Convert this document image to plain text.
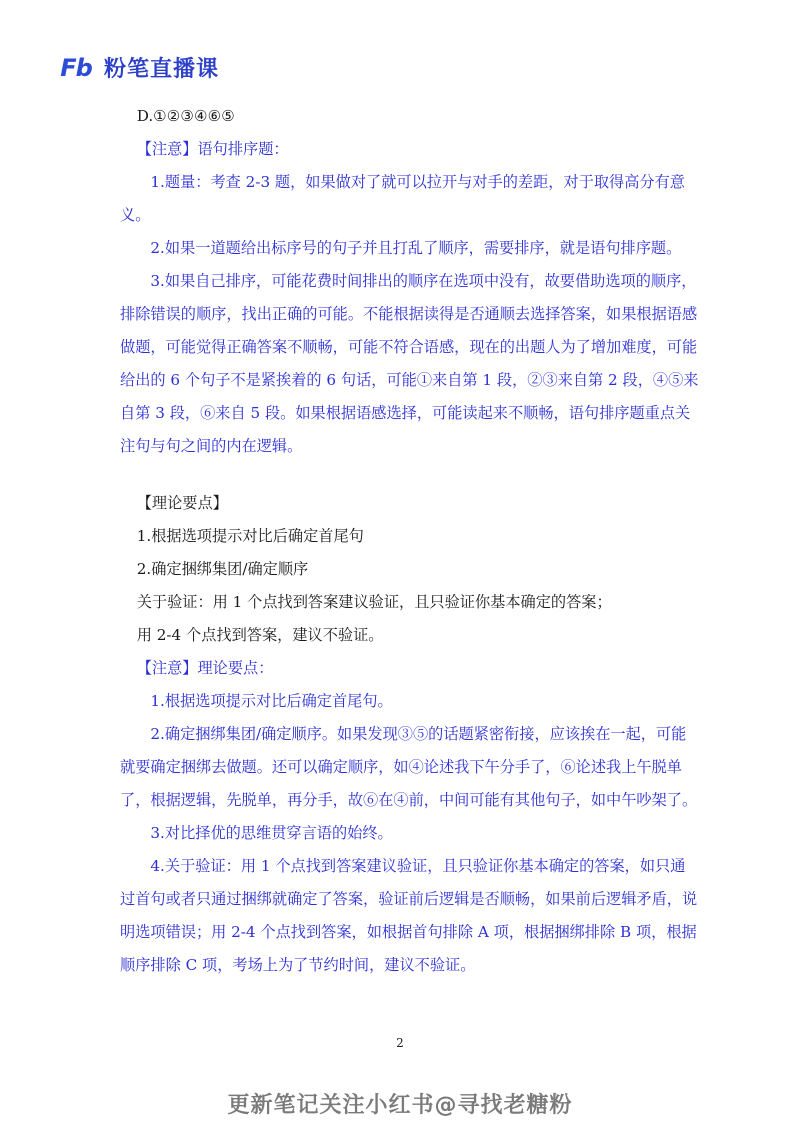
Fb 粉笔直播课

D.①②③④⑥⑤

【注意】语句排序题：

1.题量：考查 2-3 题，如果做对了就可以拉开与对手的差距，对于取得高分有意义。

2.如果一道题给出标序号的句子并且打乱了顺序，需要排序，就是语句排序题。

3.如果自己排序，可能花费时间排出的顺序在选项中没有，故要借助选项的顺序，排除错误的顺序，找出正确的可能。不能根据读得是否通顺去选择答案，如果根据语感做题，可能觉得正确答案不顺畅，可能不符合语感，现在的出题人为了增加难度，可能给出的 6 个句子不是紧挨着的 6 句话，可能①来自第 1 段，②③来自第 2 段，④⑤来自第 3 段，⑥来自 5 段。如果根据语感选择，可能读起来不顺畅，语句排序题重点关注句与句之间的内在逻辑。

【理论要点】

1.根据选项提示对比后确定首尾句

2.确定捆绑集团/确定顺序

关于验证：用 1 个点找到答案建议验证，且只验证你基本确定的答案；

用 2-4 个点找到答案，建议不验证。

【注意】理论要点：

1.根据选项提示对比后确定首尾句。

2.确定捆绑集团/确定顺序。如果发现③⑤的话题紧密衔接，应该挨在一起，可能就要确定捆绑去做题。还可以确定顺序，如④论述我下午分手了，⑥论述我上午脱单了，根据逻辑，先脱单，再分手，故⑥在④前，中间可能有其他句子，如中午吵架了。

3.对比择优的思维贯穿言语的始终。

4.关于验证：用 1 个点找到答案建议验证，且只验证你基本确定的答案，如只通过首句或者只通过捆绑就确定了答案，验证前后逻辑是否顺畅，如果前后逻辑矛盾，说明选项错误；用 2-4 个点找到答案，如根据首句排除 A 项，根据捆绑排除 B 项，根据顺序排除 C 项，考场上为了节约时间，建议不验证。

2
更新笔记关注小红书@寻找老糖粉
